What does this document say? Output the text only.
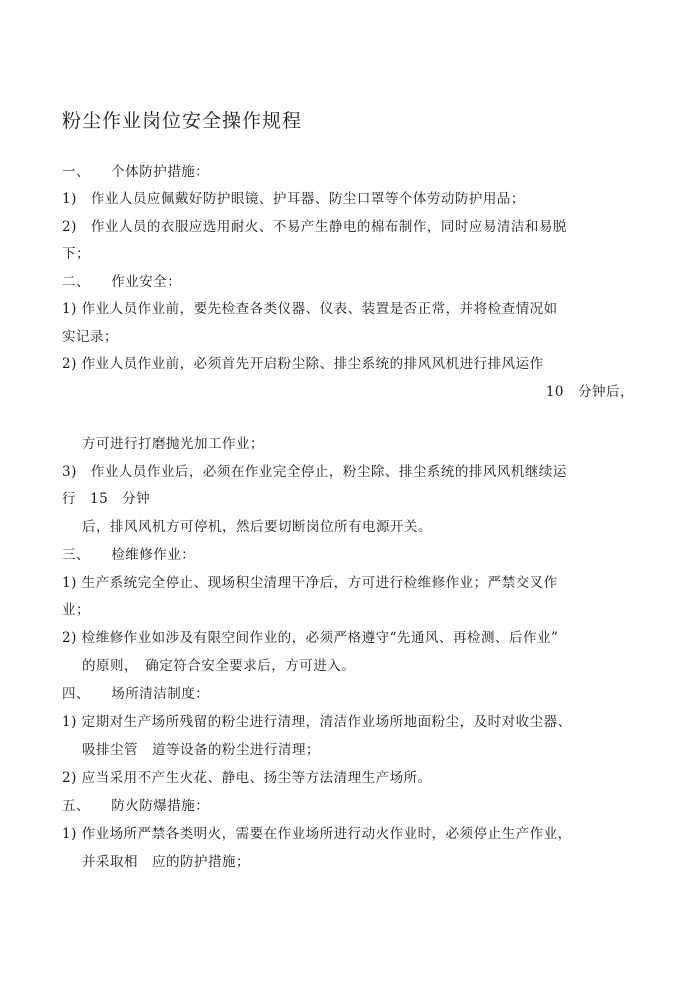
粉尘作业岗位安全操作规程
一、　　个体防护措施：
1)　作业人员应佩戴好防护眼镜、护耳器、防尘口罩等个体劳动防护用品；
2)　作业人员的衣服应选用耐火、不易产生静电的棉布制作，同时应易清洁和易脱
下；
二、　　作业安全：
1) 作业人员作业前，要先检查各类仪器、仪表、装置是否正常，并将检查情况如
实记录；
2) 作业人员作业前，必须首先开启粉尘除、排尘系统的排风风机进行排风运作
10　分钟后，
方可进行打磨抛光加工作业；
3)　作业人员作业后，必须在作业完全停止，粉尘除、排尘系统的排风风机继续运
行　15　分钟
后，排风风机方可停机，然后要切断岗位所有电源开关。
三、　　检维修作业：
1) 生产系统完全停止、现场积尘清理干净后，方可进行检维修作业；严禁交叉作
业；
2) 检维修作业如涉及有限空间作业的，必须严格遵守“先通风、再检测、后作业”
的原则，　确定符合安全要求后，方可进入。
四、　　场所清洁制度：
1) 定期对生产场所残留的粉尘进行清理，清洁作业场所地面粉尘，及时对收尘器、
吸排尘管　道等设备的粉尘进行清理；
2) 应当采用不产生火花、静电、扬尘等方法清理生产场所。
五、　　防火防爆措施：
1) 作业场所严禁各类明火，需要在作业场所进行动火作业时，必须停止生产作业，
并采取相　应的防护措施；
